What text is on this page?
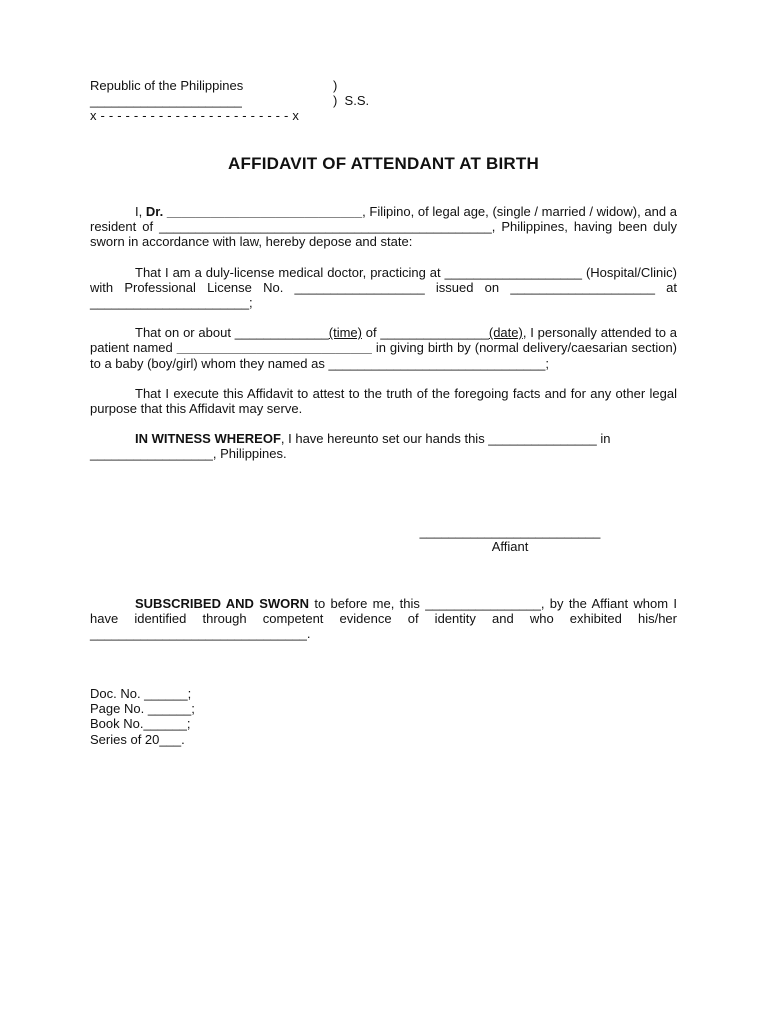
Republic of the Philippines
_____________________
x - - - - - - - - - - - - - - - - - - - - - - - x
)
)  S.S.
AFFIDAVIT OF ATTENDANT AT BIRTH

I, Dr. ___________________________, Filipino, of legal age, (single / married / widow), and a resident of ______________________________________________, Philippines, having been duly sworn in accordance with law, hereby depose and state:

That I am a duly-license medical doctor, practicing at ___________________ (Hospital/Clinic) with Professional License No. __________________ issued on ____________________ at ______________________;

That on or about _____________(time) of _______________(date), I personally attended to a patient named ___________________________ in giving birth by (normal delivery/caesarian section) to a baby (boy/girl) whom they named as ______________________________;

That I execute this Affidavit to attest to the truth of the foregoing facts and for any other legal purpose that this Affidavit may serve.

IN WITNESS WHEREOF, I have hereunto set our hands this _______________ in _________________, Philippines.

_________________________
Affiant

SUBSCRIBED AND SWORN to before me, this ________________, by the Affiant whom I have identified through competent evidence of identity and who exhibited his/her ______________________________.

Doc. No. ______;
Page No. ______;
Book No.______;
Series of 20___.
